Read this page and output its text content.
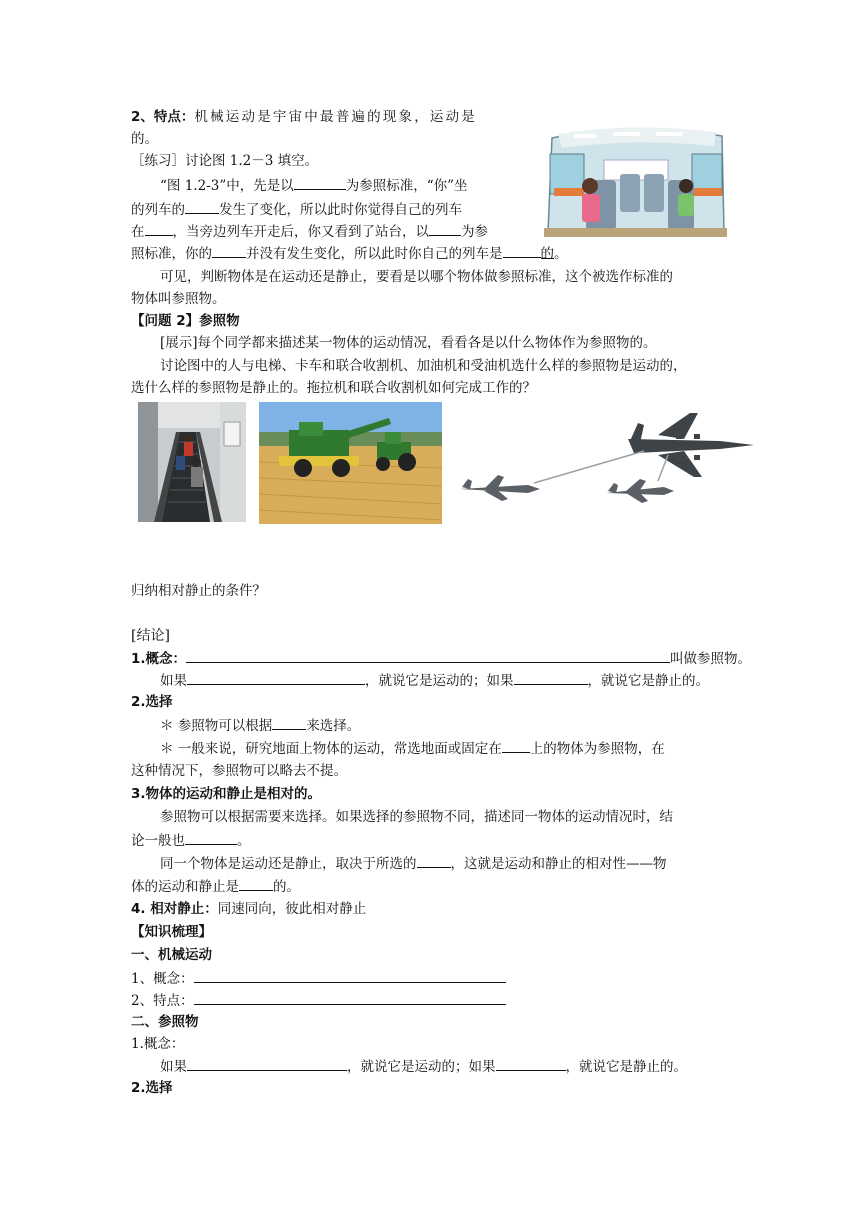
2、特点：机械运动是宇宙中最普遍的现象，运动是
的。
［练习］讨论图 1.2－3 填空。
“图 1.2-3”中，先是以	为参照标准，“你”坐
的列车的	发生了变化，所以此时你觉得自己的列车
在 ，当旁边列车开走后，你又看到了站台，以 为参
照标准，你的	并没有发生变化，所以此时你自己的列车是	的。
可见，判断物体是在运动还是静止，要看是以哪个物体做参照标准，这个被选作标准的
物体叫参照物。
【问题 2】参照物
[展示]每个同学都来描述某一物体的运动情况，看看各是以什么物体作为参照物的。
讨论图中的人与电梯、卡车和联合收割机、加油机和受油机选什么样的参照物是运动的，
选什么样的参照物是静止的。拖拉机和联合收割机如何完成工作的？
归纳相对静止的条件？
[结论]
1.概念：	叫做参照物。
如果	，就说它是运动的；如果	，就说它是静止的。
2.选择
＊ 参照物可以根据	来选择。
＊ 一般来说，研究地面上物体的运动，常选地面或固定在 上的物体为参照物，在
这种情况下，参照物可以略去不提。
3.物体的运动和静止是相对的。
参照物可以根据需要来选择。如果选择的参照物不同，描述同一物体的运动情况时，结
论一般也	。
同一个物体是运动还是静止，取决于所选的	，这就是运动和静止的相对性——物
体的运动和静止是	的。
4. 相对静止：同速同向，彼此相对静止
【知识梳理】
一、机械运动
1、概念：
2、特点：
二、参照物
1.概念：
如果	，就说它是运动的；如果	，就说它是静止的。
2.选择
